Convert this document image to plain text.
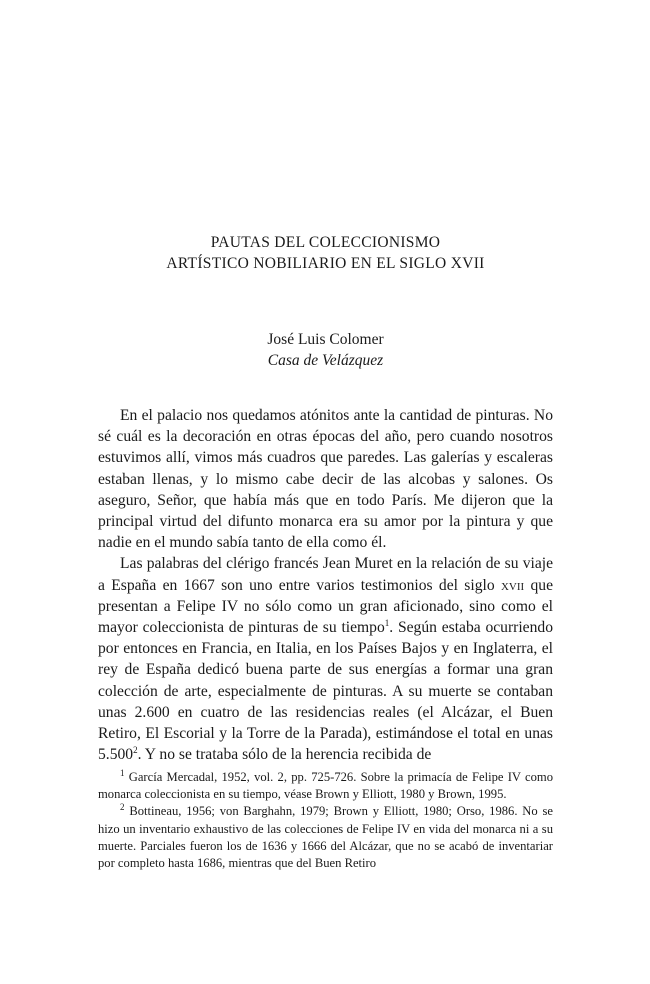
PAUTAS DEL COLECCIONISMO
ARTÍSTICO NOBILIARIO EN EL SIGLO XVII
José Luis Colomer
Casa de Velázquez

En el palacio nos quedamos atónitos ante la cantidad de pinturas. No sé cuál es la decoración en otras épocas del año, pero cuando nosotros estuvimos allí, vimos más cuadros que paredes. Las galerías y escaleras estaban llenas, y lo mismo cabe decir de las alcobas y salones. Os aseguro, Señor, que había más que en todo París. Me dijeron que la principal virtud del difunto monarca era su amor por la pintura y que nadie en el mundo sabía tanto de ella como él.

Las palabras del clérigo francés Jean Muret en la relación de su viaje a España en 1667 son uno entre varios testimonios del siglo xvii que presentan a Felipe IV no sólo como un gran aficionado, sino como el mayor coleccionista de pinturas de su tiempo$^1$. Según estaba ocurriendo por entonces en Francia, en Italia, en los Países Bajos y en Inglaterra, el rey de España dedicó buena parte de sus energías a formar una gran colección de arte, especialmente de pinturas. A su muerte se contaban unas 2.600 en cuatro de las residencias reales (el Alcázar, el Buen Retiro, El Escorial y la Torre de la Parada), estimándose el total en unas 5.500$^2$. Y no se trataba sólo de la herencia recibida de

$^1$ García Mercadal, 1952, vol. 2, pp. 725-726. Sobre la primacía de Felipe IV como monarca coleccionista en su tiempo, véase Brown y Elliott, 1980 y Brown, 1995.

$^2$ Bottineau, 1956; von Barghahn, 1979; Brown y Elliott, 1980; Orso, 1986. No se hizo un inventario exhaustivo de las colecciones de Felipe IV en vida del monarca ni a su muerte. Parciales fueron los de 1636 y 1666 del Alcázar, que no se acabó de inventariar por completo hasta 1686, mientras que del Buen Retiro
